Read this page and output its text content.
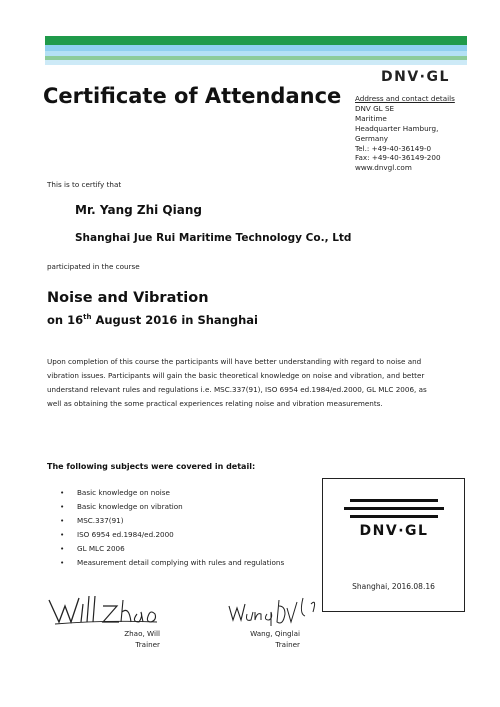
DNV·GL
Certificate of Attendance Address and contact details
DNV GL SE
Maritime
Headquarter Hamburg,
Germany
Tel.: +49-40-36149-0
Fax: +49-40-36149-200
www.dnvgl.com
This is to certify that
Mr. Yang Zhi Qiang
Shanghai Jue Rui Maritime Technology Co., Ltd
participated in the course
Noise and Vibration
on 16th August 2016 in Shanghai
Upon completion of this course the participants will have better understanding with regard to noise and vibration issues. Participants will gain the basic theoretical knowledge on noise and vibration, and better understand relevant rules and regulations i.e. MSC.337(91), ISO 6954 ed.1984/ed.2000, GL MLC 2006, as well as obtaining the some practical experiences relating noise and vibration measurements.
The following subjects were covered in detail:
• Basic knowledge on noise
• Basic knowledge on vibration
• MSC.337(91)
• ISO 6954 ed.1984/ed.2000
• GL MLC 2006
• Measurement detail complying with rules and regulations
DNV·GL
Shanghai, 2016.08.16
Zhao, Will
Trainer
Wang, Qinglai
Trainer
